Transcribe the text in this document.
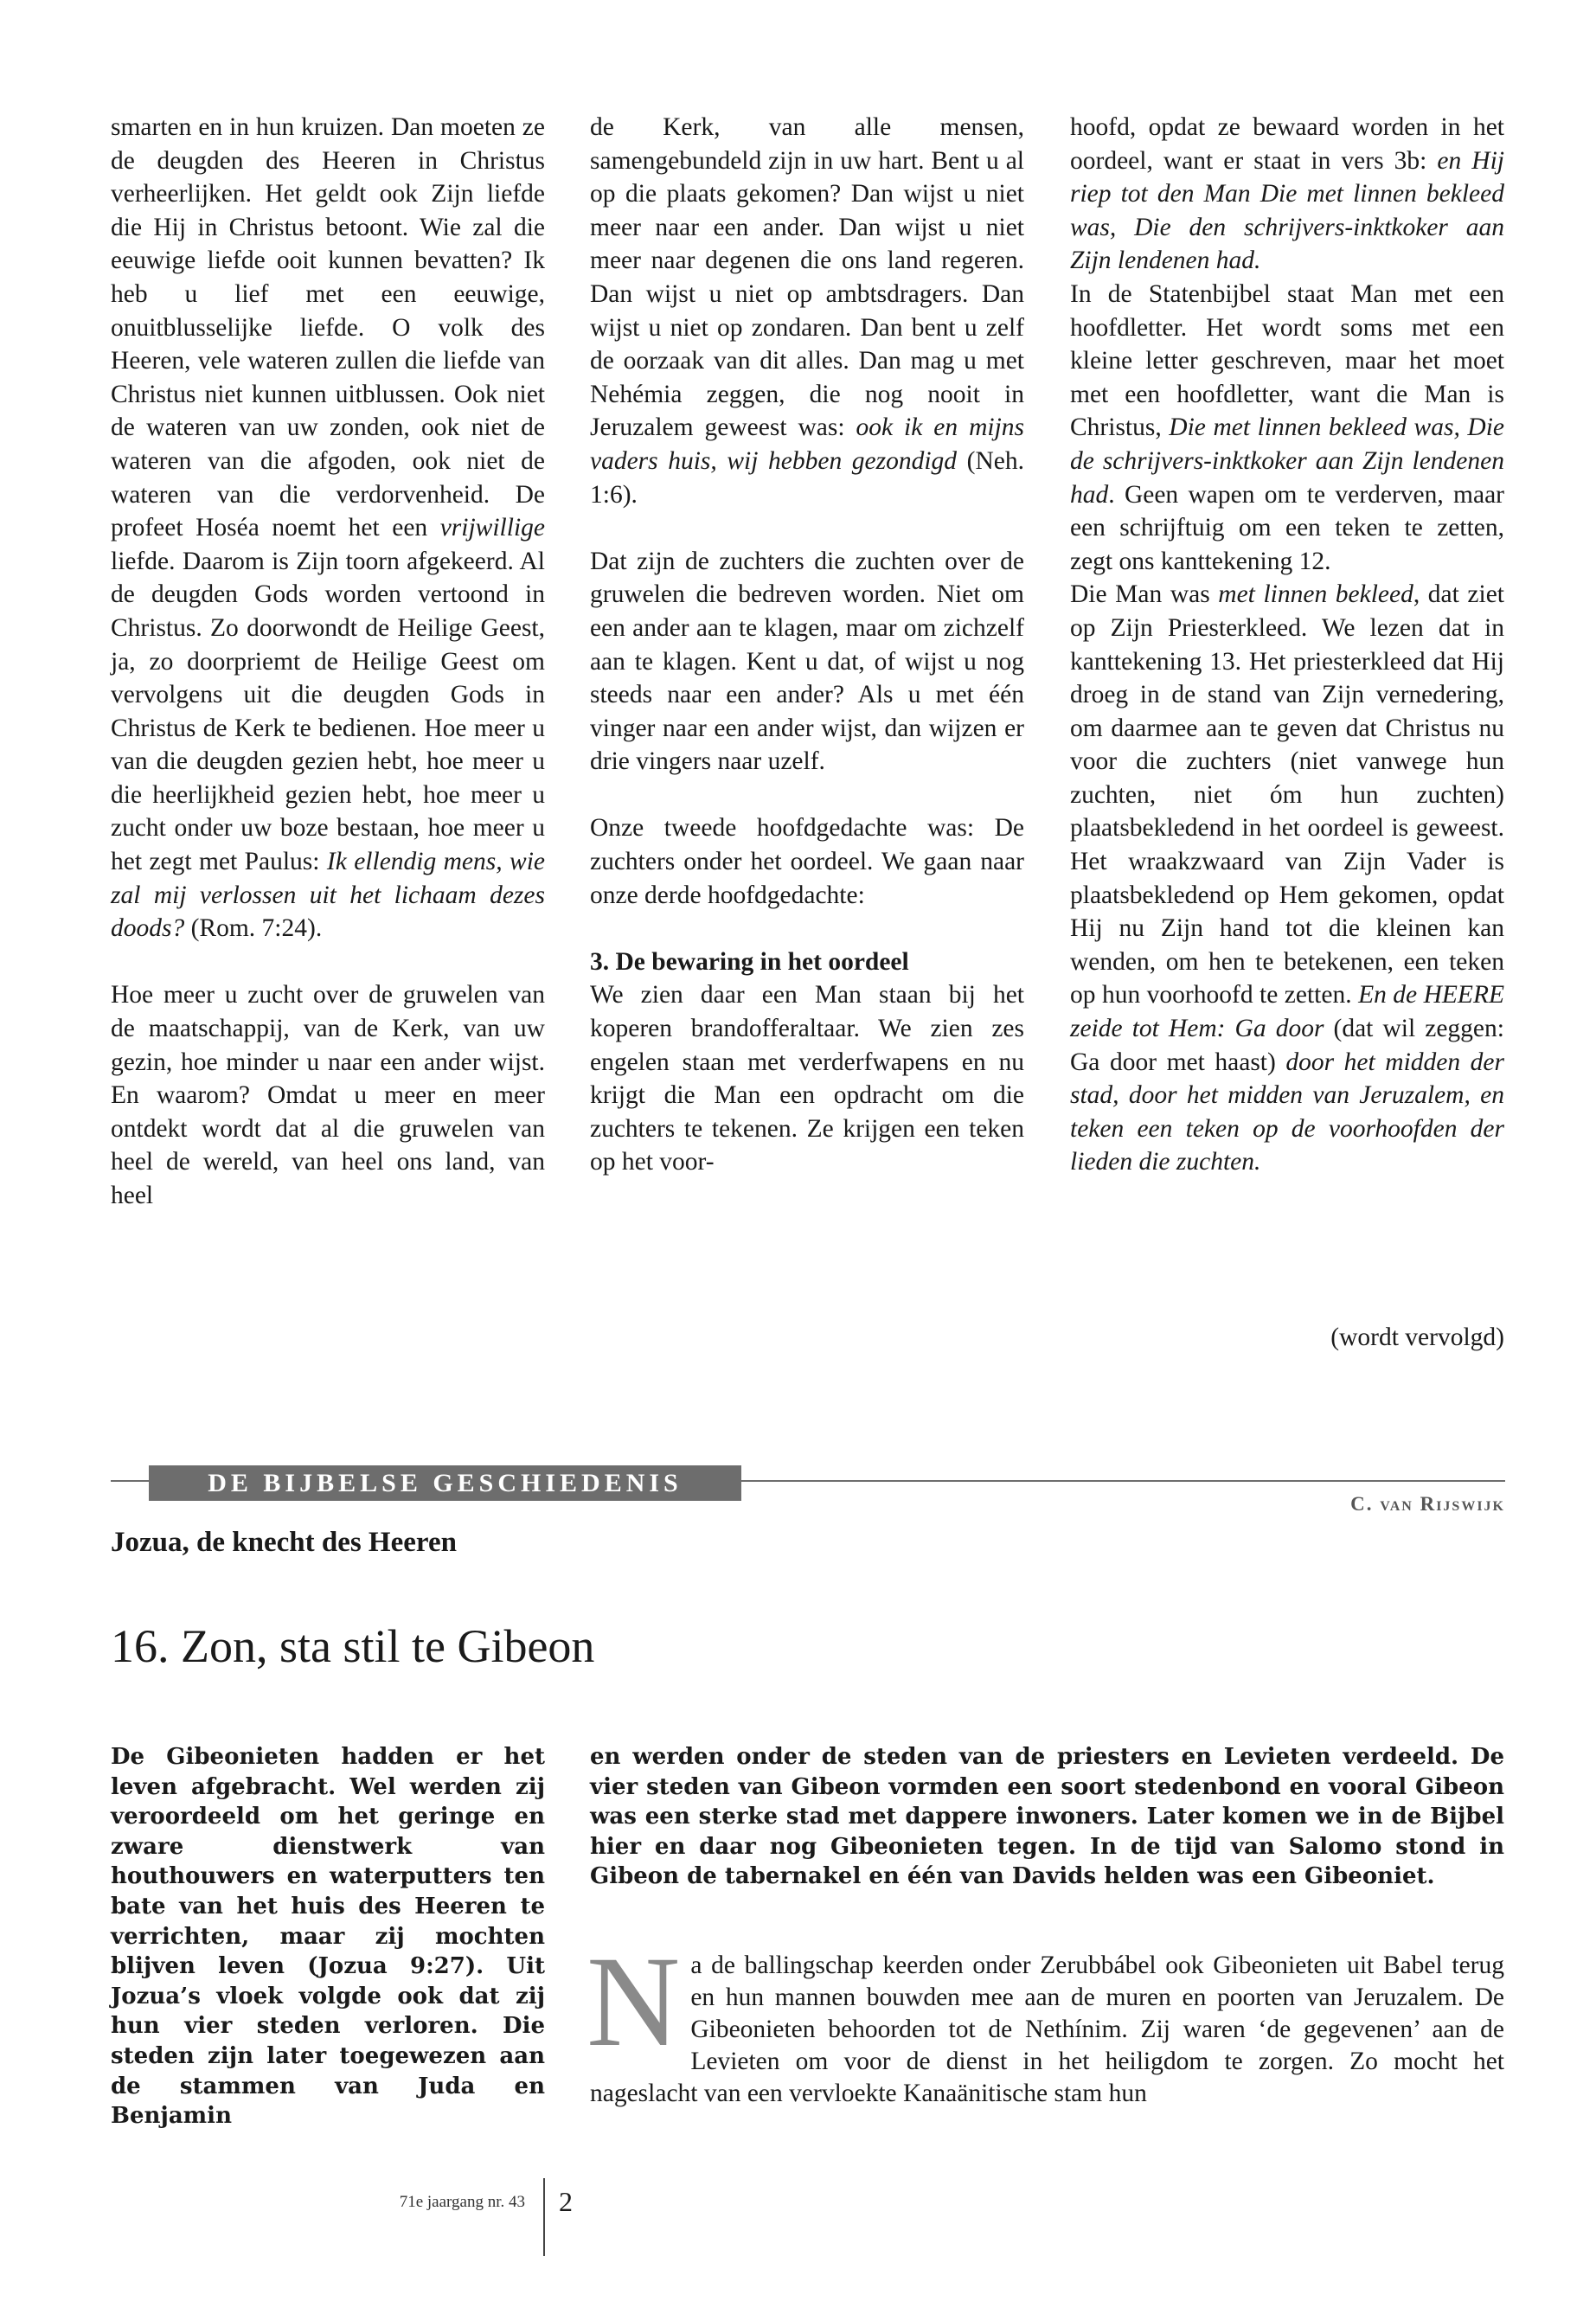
smarten en in hun kruizen. Dan moeten ze de deugden des Heeren in Christus verheerlijken. Het geldt ook Zijn liefde die Hij in Christus betoont. Wie zal die eeuwige liefde ooit kunnen bevatten? Ik heb u lief met een eeuwige, onuitblusselijke liefde. O volk des Heeren, vele wateren zullen die liefde van Christus niet kunnen uitblussen. Ook niet de wateren van uw zonden, ook niet de wateren van die afgoden, ook niet de wateren van die verdorvenheid. De profeet Hoséa noemt het een vrijwillige liefde. Daarom is Zijn toorn afgekeerd. Al de deugden Gods worden vertoond in Christus. Zo doorwondt de Heilige Geest, ja, zo doorpriemt de Heilige Geest om vervolgens uit die deugden Gods in Christus de Kerk te bedienen. Hoe meer u van die deugden gezien hebt, hoe meer u die heerlijkheid gezien hebt, hoe meer u zucht onder uw boze bestaan, hoe meer u het zegt met Paulus: Ik ellendig mens, wie zal mij verlossen uit het lichaam dezes doods? (Rom. 7:24).

Hoe meer u zucht over de gruwelen van de maatschappij, van de Kerk, van uw gezin, hoe minder u naar een ander wijst. En waarom? Omdat u meer en meer ontdekt wordt dat al die gruwelen van heel de wereld, van heel ons land, van heel

de Kerk, van alle mensen, samengebundeld zijn in uw hart. Bent u al op die plaats gekomen? Dan wijst u niet meer naar een ander. Dan wijst u niet meer naar degenen die ons land regeren. Dan wijst u niet op ambtsdragers. Dan wijst u niet op zondaren. Dan bent u zelf de oorzaak van dit alles. Dan mag u met Nehémia zeggen, die nog nooit in Jeruzalem geweest was: ook ik en mijns vaders huis, wij hebben gezondigd (Neh. 1:6).

Dat zijn de zuchters die zuchten over de gruwelen die bedreven worden. Niet om een ander aan te klagen, maar om zichzelf aan te klagen. Kent u dat, of wijst u nog steeds naar een ander? Als u met één vinger naar een ander wijst, dan wijzen er drie vingers naar uzelf.

Onze tweede hoofdgedachte was: De zuchters onder het oordeel. We gaan naar onze derde hoofdgedachte:

3. De bewaring in het oordeel

We zien daar een Man staan bij het koperen brandofferaltaar. We zien zes engelen staan met verderfwapens en nu krijgt die Man een opdracht om die zuchters te tekenen. Ze krijgen een teken op het voor-

hoofd, opdat ze bewaard worden in het oordeel, want er staat in vers 3b: en Hij riep tot den Man Die met linnen bekleed was, Die den schrijvers-inktkoker aan Zijn lendenen had.

In de Statenbijbel staat Man met een hoofdletter. Het wordt soms met een kleine letter geschreven, maar het moet met een hoofdletter, want die Man is Christus, Die met linnen bekleed was, Die de schrijvers-inktkoker aan Zijn lendenen had. Geen wapen om te verderven, maar een schrijftuig om een teken te zetten, zegt ons kanttekening 12.

Die Man was met linnen bekleed, dat ziet op Zijn Priesterkleed. We lezen dat in kanttekening 13. Het priesterkleed dat Hij droeg in de stand van Zijn vernedering, om daarmee aan te geven dat Christus nu voor die zuchters (niet vanwege hun zuchten, niet óm hun zuchten) plaatsbekledend in het oordeel is geweest. Het wraakzwaard van Zijn Vader is plaatsbekledend op Hem gekomen, opdat Hij nu Zijn hand tot die kleinen kan wenden, om hen te betekenen, een teken op hun voorhoofd te zetten. En de HEERE zeide tot Hem: Ga door (dat wil zeggen: Ga door met haast) door het midden der stad, door het midden van Jeruzalem, en teken een teken op de voorhoofden der lieden die zuchten.

(wordt vervolgd)

DE BIJBELSE GESCHIEDENIS
C. van Rijswijk
Jozua, de knecht des Heeren
16. Zon, sta stil te Gibeon
De Gibeonieten hadden er het leven afgebracht. Wel werden zij veroordeeld om het geringe en zware dienstwerk van houthouwers en waterputters ten bate van het huis des Heeren te verrichten, maar zij mochten blijven leven (Jozua 9:27). Uit Jozua’s vloek volgde ook dat zij hun vier steden verloren. Die steden zijn later toegewezen aan de stammen van Juda en Benjamin
en werden onder de steden van de priesters en Levieten verdeeld. De vier steden van Gibeon vormden een soort stedenbond en vooral Gibeon was een sterke stad met dappere inwoners. Later komen we in de Bijbel hier en daar nog Gibeonieten tegen. In de tijd van Salomo stond in Gibeon de tabernakel en één van Davids helden was een Gibeoniet.
Na de ballingschap keerden onder Zerubbábel ook Gibeonieten uit Babel terug en hun mannen bouwden mee aan de muren en poorten van Jeruzalem. De Gibeonieten behoorden tot de Nethínim. Zij waren ‘de gegevenen’ aan de Levieten om voor de dienst in het heiligdom te zorgen. Zo mocht het nageslacht van een vervloekte Kanaänitische stam hun
71e jaargang nr. 43 2
